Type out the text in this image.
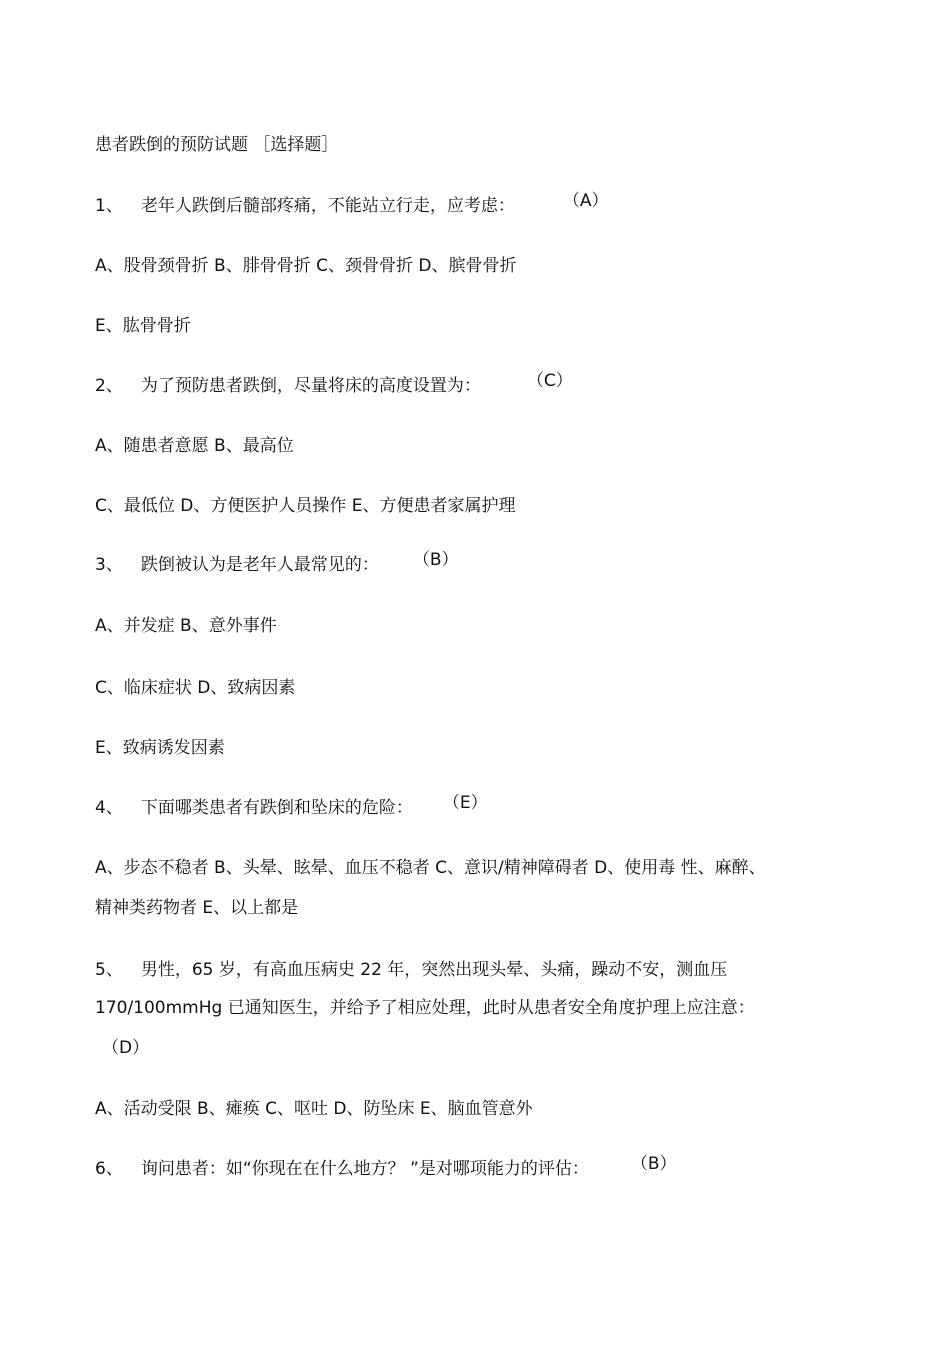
患者跌倒的预防试题 ［选择题］
1、 老年人跌倒后髓部疼痛，不能站立行走，应考虑：	（A）
A、股骨颈骨折 B、腓骨骨折 C、颈骨骨折 D、膑骨骨折
E、肱骨骨折
2、 为了预防患者跌倒，尽量将床的高度设置为：	（C）
A、随患者意愿 B、最高位
C、最低位 D、方便医护人员操作 E、方便患者家属护理
3、 跌倒被认为是老年人最常见的： （B）
A、并发症 B、意外事件
C、临床症状 D、致病因素
E、致病诱发因素
4、 下面哪类患者有跌倒和坠床的危险： （E）
A、步态不稳者 B、头晕、眩晕、血压不稳者 C、意识/精神障碍者 D、使用毒 性、麻醉、
精神类药物者 E、以上都是
5、 男性，65 岁，有高血压病史 22 年，突然出现头晕、头痛，躁动不安，测血压
170/100mmHg 已通知医生，并给予了相应处理，此时从患者安全角度护理上应注意：
（D）
A、活动受限 B、瘫痪 C、呕吐 D、防坠床 E、脑血管意外
6、 询问患者：如“你现在在什么地方？ ”是对哪项能力的评估： （B）
